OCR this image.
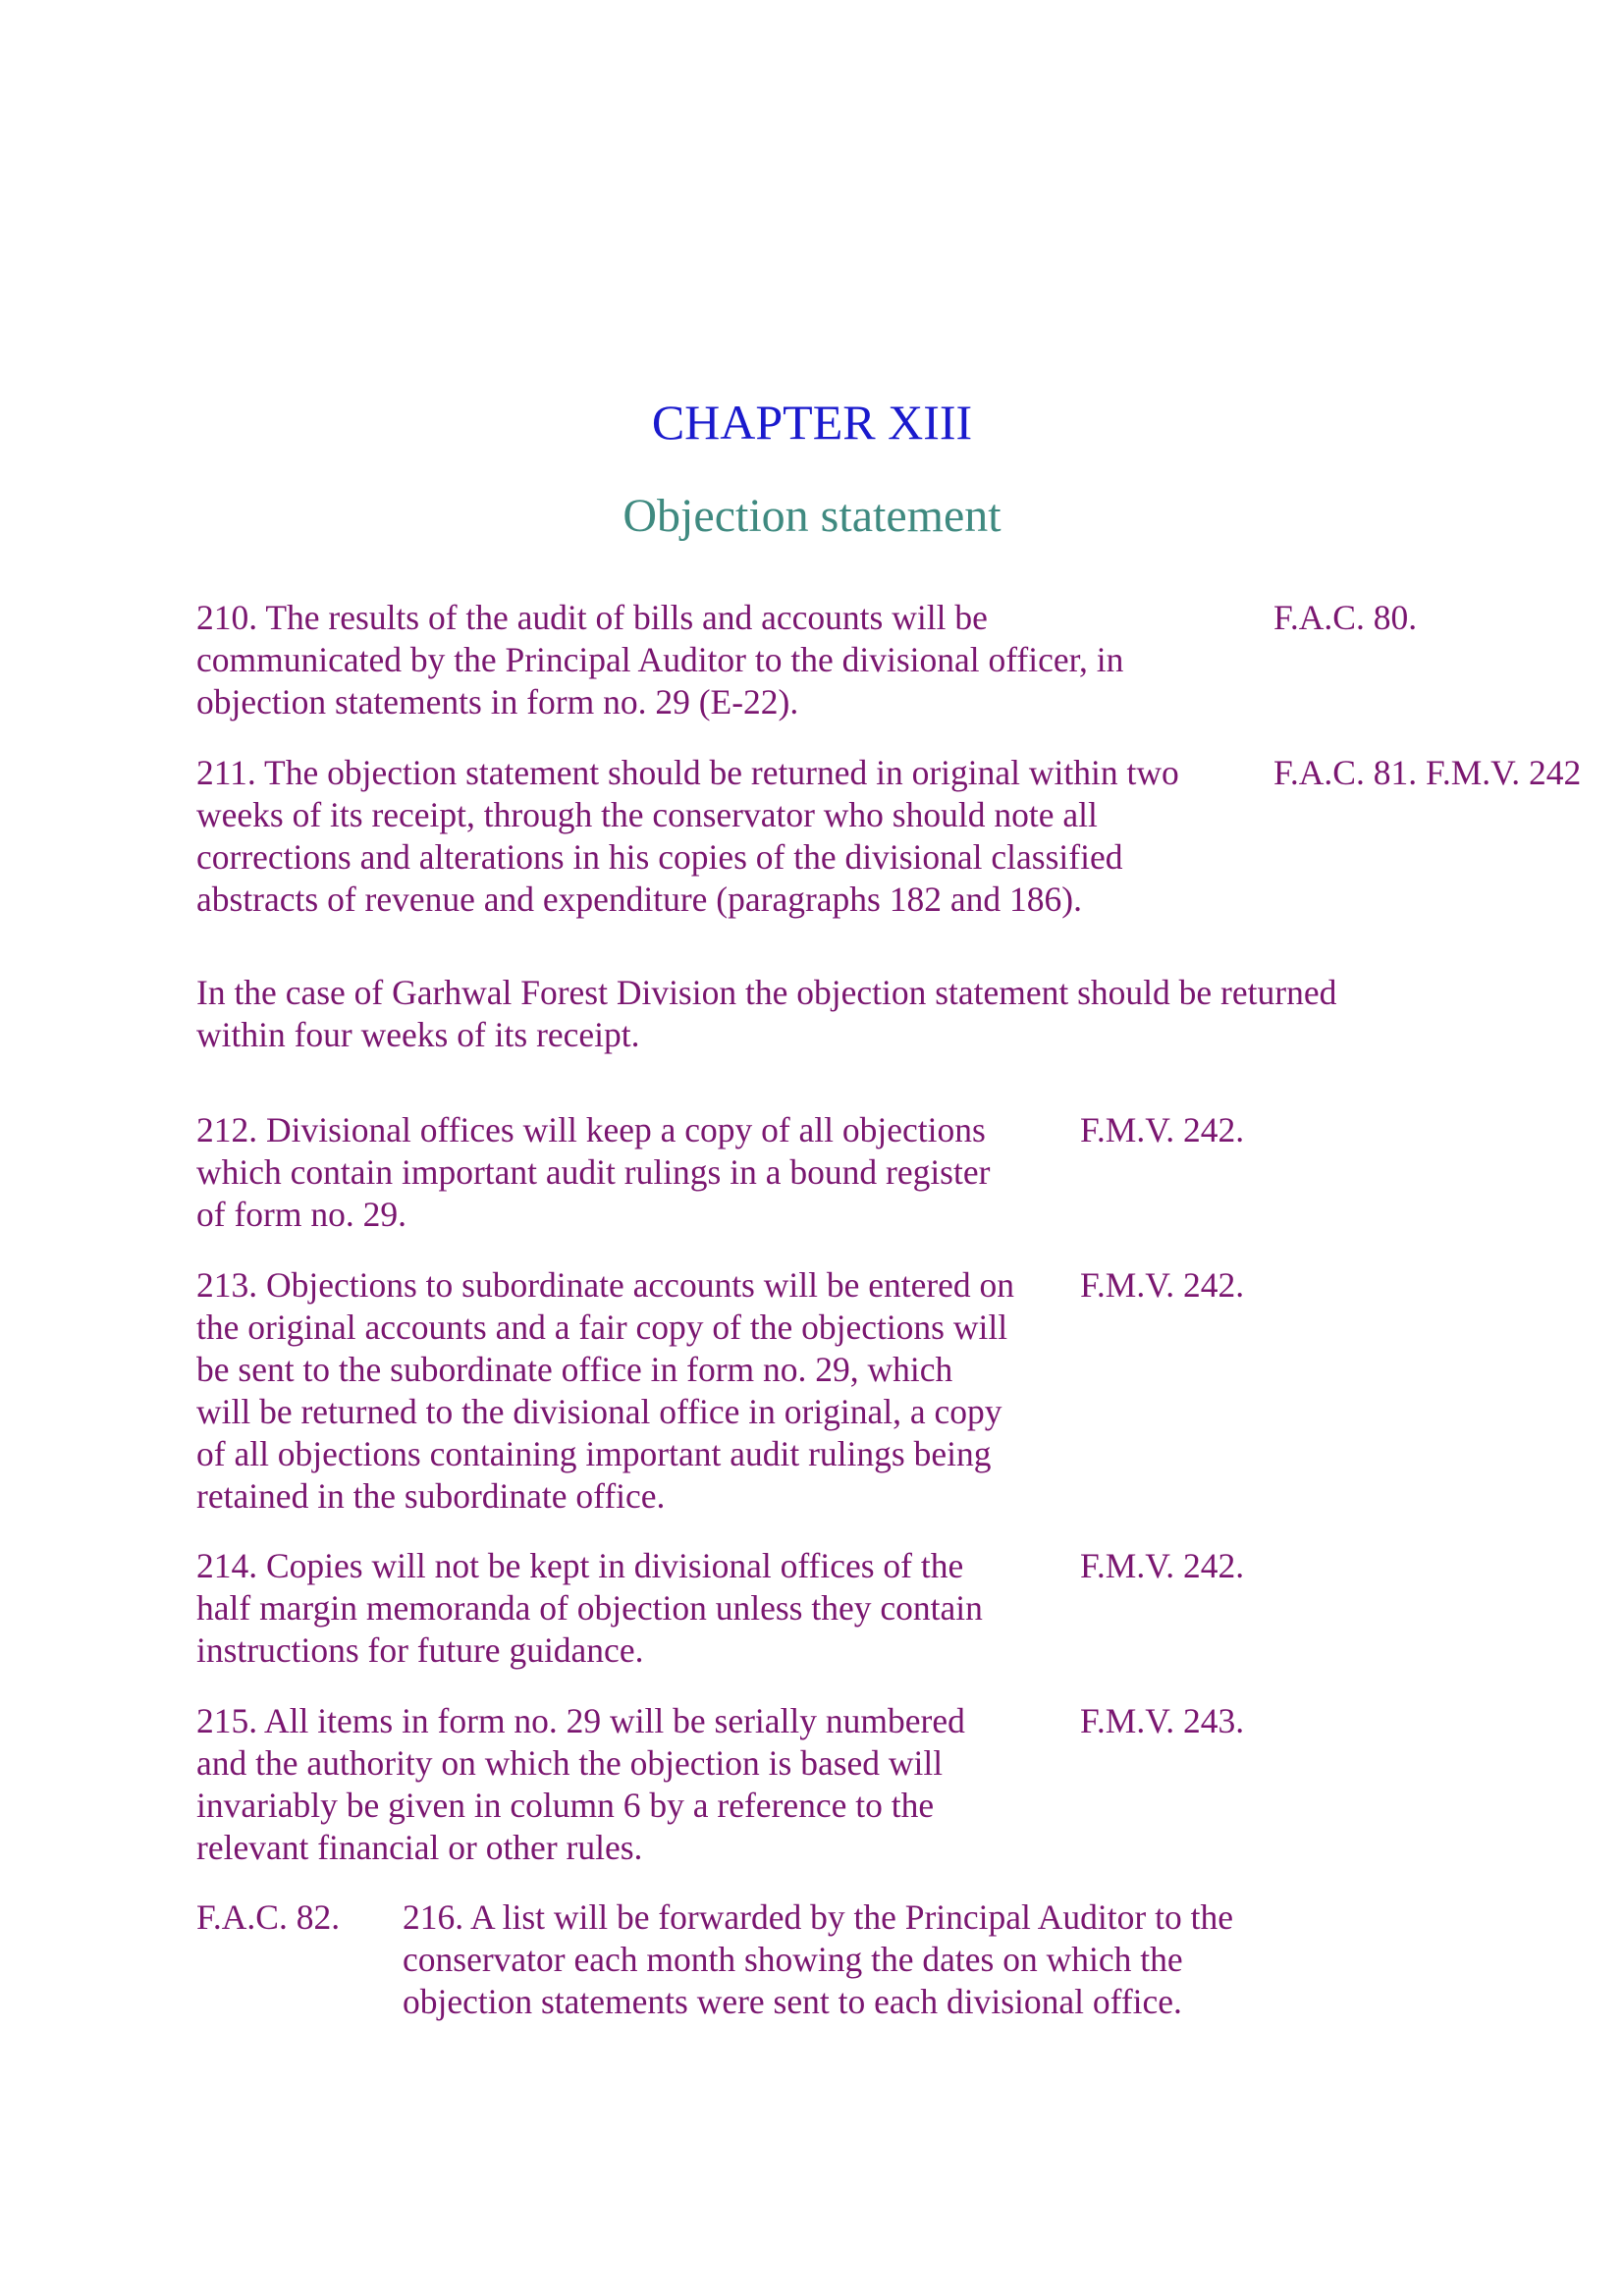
CHAPTER XIII
Objection statement
210. The results of the audit of bills and accounts will be
communicated by the Principal Auditor to the divisional officer, in
objection statements in form no. 29 (E-22).
F.A.C. 80.
211. The objection statement should be returned in original within two
weeks of its receipt, through the conservator who should note all
corrections and alterations in his copies of the divisional classified
abstracts of revenue and expenditure (paragraphs 182 and 186).
F.A.C. 81. F.M.V. 242
In the case of Garhwal Forest Division the objection statement should be returned
within four weeks of its receipt.
212. Divisional offices will keep a copy of all objections
which contain important audit rulings in a bound register
of form no. 29.
F.M.V. 242.
213. Objections to subordinate accounts will be entered on
the original accounts and a fair copy of the objections will
be sent to the subordinate office in form no. 29, which
will be returned to the divisional office in original, a copy
of all objections containing important audit rulings being
retained in the subordinate office.
F.M.V. 242.
214. Copies will not be kept in divisional offices of the
half margin memoranda of objection unless they contain
instructions for future guidance.
F.M.V. 242.
215. All items in form no. 29 will be serially numbered
and the authority on which the objection is based will
invariably be given in column 6 by a reference to the
relevant financial or other rules.
F.M.V. 243.
F.A.C. 82. 216. A list will be forwarded by the Principal Auditor to the
conservator each month showing the dates on which the
objection statements were sent to each divisional office.
